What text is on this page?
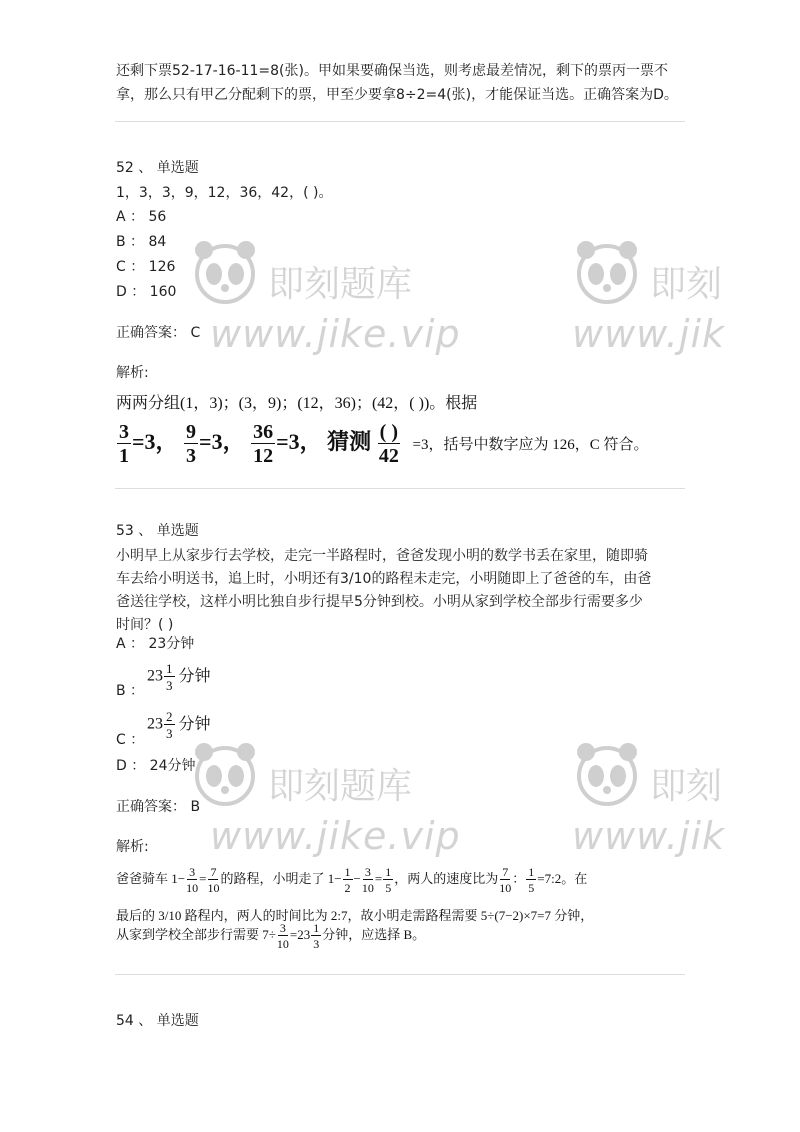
还剩下票52-17-16-11=8(张)。甲如果要确保当选，则考虑最差情况，剩下的票丙一票不
拿，那么只有甲乙分配剩下的票，甲至少要拿8÷2=4(张)，才能保证当选。正确答案为D。
52 、 单选题
1，3，3，9，12，36，42，( )。
A ： 56
B ： 84
C ： 126
D ： 160
正确答案： C
解析:
两两分组(1，3)；(3，9)；(12，36)；(42，( ))。根据
$\frac{3}{1} =3$， $\frac{9}{3} =3$， $\frac{36}{12} =3$， 猜测 $\frac{( )}{42} =3$，括号中数字应为 126，C 符合。
53 、 单选题
小明早上从家步行去学校，走完一半路程时，爸爸发现小明的数学书丢在家里，随即骑
车去给小明送书，追上时，小明还有3/10的路程未走完，小明随即上了爸爸的车，由爸
爸送往学校，这样小明比独自步行提早5分钟到校。小明从家到学校全部步行需要多少
时间？( )
A ： 23分钟
$23 \frac{1}{3}$ 分钟
B ：
$23 \frac{2}{3}$ 分钟
C ：
D ： 24分钟
正确答案： B
解析:
爸爸骑车 $1- \frac{3}{10} = \frac{7}{10}$ 的路程，小明走了 $1- \frac{1}{2} - \frac{3}{10} = \frac{1}{5}$ ，两人的速度比为 $\frac{7}{10}$ ： $\frac{1}{5}$ =7:2。在
最后的 3/10 路程内，两人的时间比为 2:7，故小明走需路程需要 5÷(7−2)×7=7 分钟，
从家到学校全部步行需要 $7\div \frac{3}{10} =23 \frac{1}{3}$ 分钟，应选择 B。
54 、 单选题
即刻题库
www.jike.vip
即刻
www.jik
即刻题库
www.jike.vip
即刻
www.jik
